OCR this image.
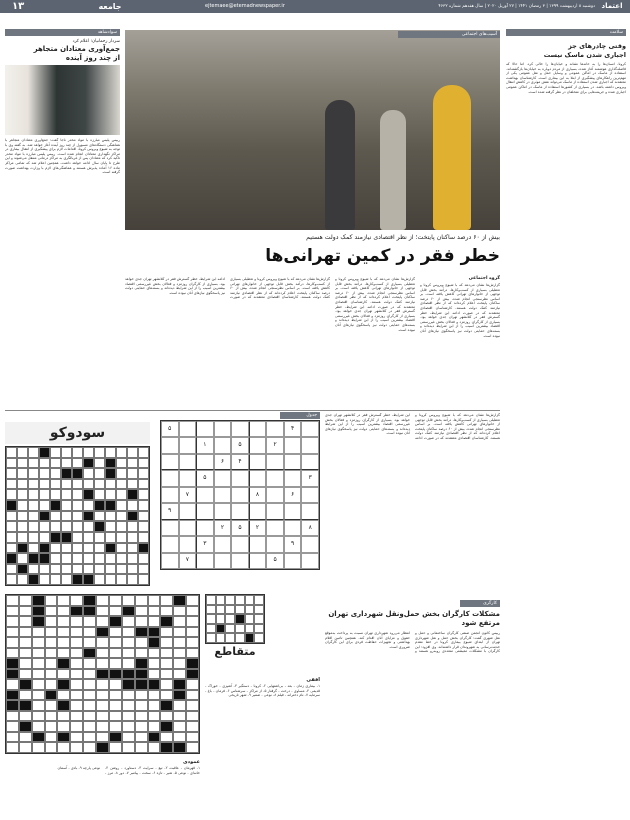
۱۳	جامعه	ejtemaee@etemadnewspaper.ir	دوشنبه ۸ اردیبهشت ۱۳۹۹ | ۳ رمضان ۱۴۴۱ | ۲۷ آوریل ۲۰۲۰ | سال هفدهم شماره ۴۶۳۲ اعتماد
سوادشاهد
سردار رحمانیان؛ اعلام کرد
جمع‌آوری معتادان متجاهر
از چند روز آینده
رییس پلیس مبارزه با مواد مخدر ناجا گفت: جمع‌آوری معتادان متجاهر با هماهنگی دستگاه‌های مسوول از چند روز آینده آغاز خواهد شد. به گفته وی با توجه به شیوع ویروس کرونا، اقدامات لازم برای پیشگیری از انتقال بیماری در مراکز نگهداری معتادان انجام شده است. رییس پلیس مبارزه با مواد مخدر تاکید کرد که معتادان پس از غربالگری به مراکز درمانی منتقل می‌شوند و این طرح تا پایان سال ادامه خواهد داشت. همچنین اعلام شد که تمامی مراکز ماده ۱۶ آماده پذیرش هستند و هماهنگی‌های لازم با وزارت بهداشت صورت گرفته است.
سلامت
وقتی چادرهای جز
اجباری شدن ماسک نیست
کرونا، انسان‌ها را به خانه‌ها نشاند و خیابان‌ها را خالی کرد. اما حالا که فاصله‌گذاری هوشمند آغاز شده، بسیاری از مردم دوباره به خیابان‌ها بازگشته‌اند. استفاده از ماسک در اماکن عمومی و وسایل حمل و نقل عمومی یکی از مهم‌ترین راهکارهای پیشگیری از ابتلا به این بیماری است. کارشناسان بهداشت معتقدند که اجباری شدن استفاده از ماسک می‌تواند نقش موثری در کاهش انتقال ویروس داشته باشد. در بسیاری از کشورها استفاده از ماسک در اماکن عمومی اجباری شده و جریمه‌هایی برای متخلفان در نظر گرفته شده است.
آسیب‌های اجتماعی
بیش از ۶۰ درصد ساکنان پایتخت؛ از نظر اقتصادی نیازمند کمک دولت هستیم
خطر فقر در کمین تهرانی‌ها
گروه اجتماعی
گزارش‌ها نشان می‌دهد که با شیوع ویروس کرونا و تعطیلی بسیاری از کسب‌وکارها، درآمد بخش قابل توجهی از خانوارهای تهرانی کاهش یافته است. بر اساس نظرسنجی انجام شده، بیش از ۶۰ درصد ساکنان پایتخت اعلام کرده‌اند که از نظر اقتصادی نیازمند کمک دولت هستند. کارشناسان اقتصادی معتقدند که در صورت ادامه این شرایط، خطر گسترش فقر در کلانشهر تهران جدی خواهد بود. بسیاری از کارگران روزمزد و فعالان بخش غیررسمی اقتصاد بیشترین آسیب را از این شرایط دیده‌اند و بسته‌های حمایتی دولت نیز پاسخگوی نیازهای آنان نبوده است.
گزارش‌ها نشان می‌دهد که با شیوع ویروس کرونا و تعطیلی بسیاری از کسب‌وکارها، درآمد بخش قابل توجهی از خانوارهای تهرانی کاهش یافته است. بر اساس نظرسنجی انجام شده، بیش از ۶۰ درصد ساکنان پایتخت اعلام کرده‌اند که از نظر اقتصادی نیازمند کمک دولت هستند. کارشناسان اقتصادی معتقدند که در صورت ادامه این شرایط، خطر گسترش فقر در کلانشهر تهران جدی خواهد بود. بسیاری از کارگران روزمزد و فعالان بخش غیررسمی اقتصاد بیشترین آسیب را از این شرایط دیده‌اند و بسته‌های حمایتی دولت نیز پاسخگوی نیازهای آنان نبوده است.
گزارش‌ها نشان می‌دهد که با شیوع ویروس کرونا و تعطیلی بسیاری از کسب‌وکارها، درآمد بخش قابل توجهی از خانوارهای تهرانی کاهش یافته است. بر اساس نظرسنجی انجام شده، بیش از ۶۰ درصد ساکنان پایتخت اعلام کرده‌اند که از نظر اقتصادی نیازمند کمک دولت هستند. کارشناسان اقتصادی معتقدند که در صورت ادامه این شرایط، خطر گسترش فقر در کلانشهر تهران جدی خواهد بود. بسیاری از کارگران روزمزد و فعالان بخش غیررسمی اقتصاد بیشترین آسیب را از این شرایط دیده‌اند و بسته‌های حمایتی دولت نیز پاسخگوی نیازهای آنان نبوده است.
جدول
سودوکو	۵	۴
۱	۵	۲
۶	۴
۵	۳
۷	۸	۶
۹
۲	۵	۲	۸
۳	۹
۷	۵
کارگری
مشکلات کارگران بخش حمل‌ونقل شهرداری تهران
مرتفع شود
رییس کانون انجمن صنفی کارگران ساختمانی و حمل و نقل شهری گفت: کارگران بخش حمل و نقل شهرداری تهران از ابتدای شیوع بیماری کرونا در خط مقدم خدمت‌رسانی به شهروندان قرار داشته‌اند. وی افزود: این کارگران با مشکلات معیشتی متعددی روبه‌رو هستند و انتظار می‌رود شهرداری تهران نسبت به پرداخت به‌موقع حقوق و مزایای آنان اقدام کند. همچنین تامین اقلام بهداشتی و تجهیزات حفاظت فردی برای این کارگران ضروری است.
گزارش‌ها نشان می‌دهد که با شیوع ویروس کرونا و تعطیلی بسیاری از کسب‌وکارها، درآمد بخش قابل توجهی از خانوارهای تهرانی کاهش یافته است. بر اساس نظرسنجی انجام شده، بیش از ۶۰ درصد ساکنان پایتخت اعلام کرده‌اند که از نظر اقتصادی نیازمند کمک دولت هستند. کارشناسان اقتصادی معتقدند که در صورت ادامه این شرایط، خطر گسترش فقر در کلانشهر تهران جدی خواهد بود. بسیاری از کارگران روزمزد و فعالان بخش غیررسمی اقتصاد بیشترین آسیب را از این شرایط دیده‌اند و بسته‌های حمایتی دولت نیز پاسخگوی نیازهای آنان نبوده است.
متقاطع
افقی
۱- بیماری زمان - بعد - بی‌اشتهایی ۲- کرونا - دستگیر ۳- آشپزی - خوراک - قدیمی ۴- مساوی - درخت - گرفتار ۵- از مراکز - سرشناس ۶- فرمان - باغ - سرمایه ۷- نام دخترانه - فیلم ۸- نوعی - ضمیر ۹- شهر تاریخی
عمودی
۱- قهرمان - عاقبت ۲- تیغ - سرایت ۳- دستاورد - روشن ۴- خانه‌ای - نوعی ۵- شیر - تازه ۶- سخت - پیامبر ۷- دور ۸- مرز - نوعی پارچه ۹- بادی - آسمان
